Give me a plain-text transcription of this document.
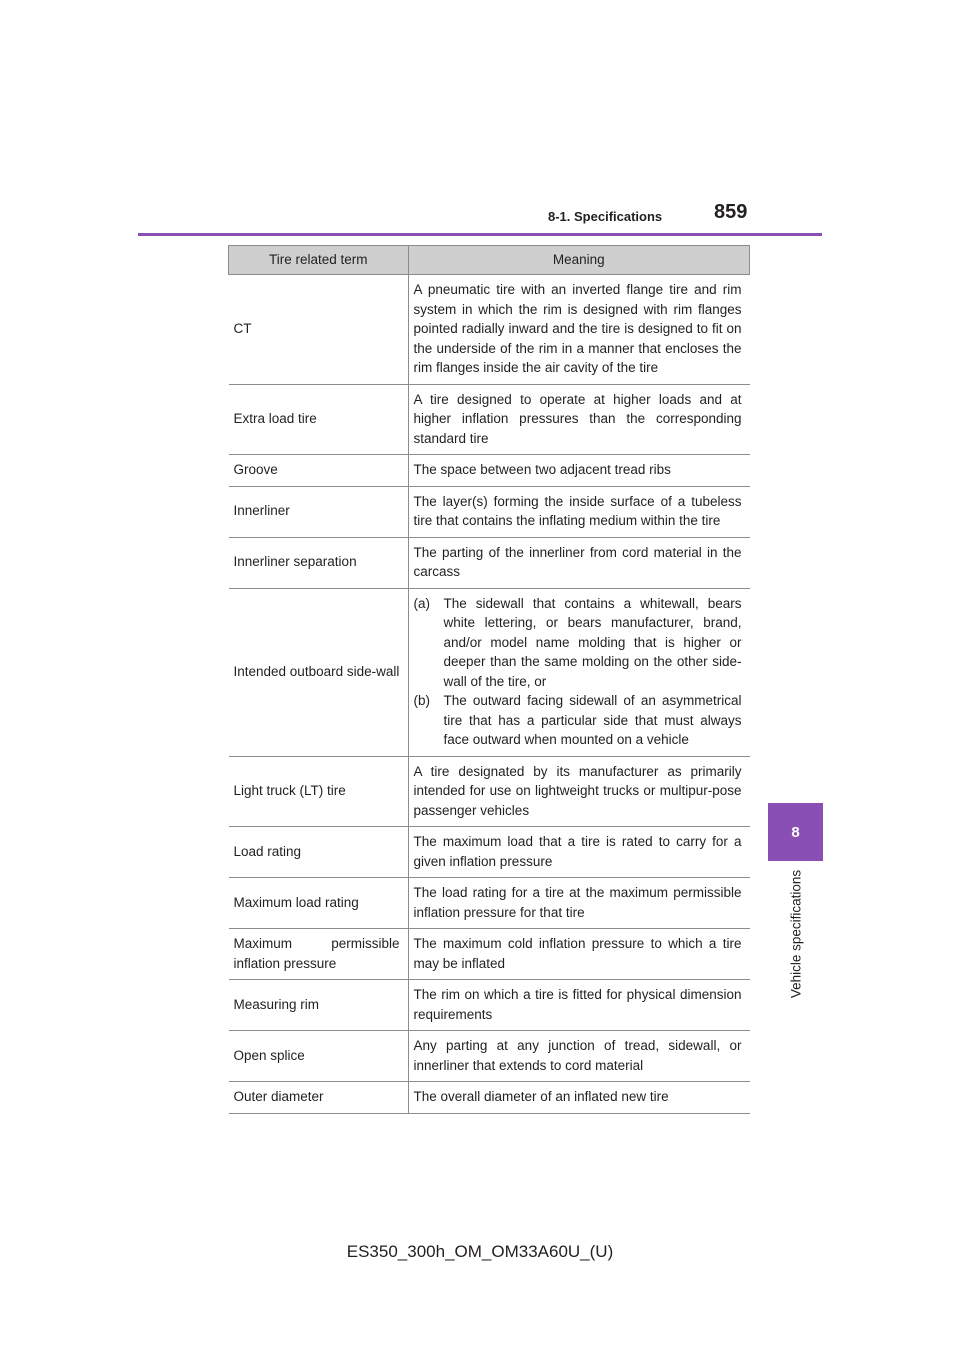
8-1. Specifications	859
8
Vehicle specifications
Tire related term	Meaning
CT	A pneumatic tire with an inverted flange tire and rim system in which the rim is designed with rim flanges pointed radially inward and the tire is designed to fit on the underside of the rim in a manner that encloses the rim flanges inside the air cavity of the tire
Extra load tire	A tire designed to operate at higher loads and at higher inflation pressures than the corresponding standard tire
Groove	The space between two adjacent tread ribs
Innerliner	The layer(s) forming the inside surface of a tubeless tire that contains the inflating medium within the tire
Innerliner separation	The parting of the innerliner from cord material in the carcass
Intended outboard side-wall	(a) The sidewall that contains a whitewall, bears white lettering, or bears manufacturer, brand, and/or model name molding that is higher or deeper than the same molding on the other side-wall of the tire, or
(b) The outward facing sidewall of an asymmetrical tire that has a particular side that must always face outward when mounted on a vehicle

Light truck (LT) tire	A tire designated by its manufacturer as primarily intended for use on lightweight trucks or multipur-pose passenger vehicles
Load rating	The maximum load that a tire is rated to carry for a given inflation pressure
Maximum load rating	The load rating for a tire at the maximum permissible inflation pressure for that tire
Maximum permissible inflation pressure	The maximum cold inflation pressure to which a tire may be inflated
Measuring rim	The rim on which a tire is fitted for physical dimension requirements
Open splice	Any parting at any junction of tread, sidewall, or innerliner that extends to cord material
Outer diameter	The overall diameter of an inflated new tire
ES350_300h_OM_OM33A60U_(U)
